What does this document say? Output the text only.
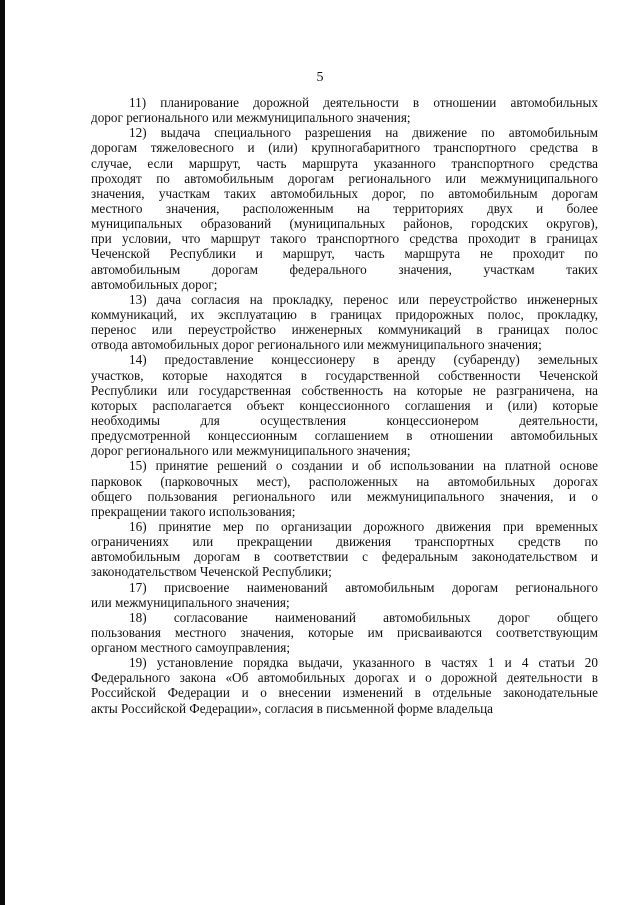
5
11) планирование дорожной деятельности в отношении автомобильных
дорог регионального или межмуниципального значения;
12) выдача специального разрешения на движение по автомобильным
дорогам тяжеловесного и (или) крупногабаритного транспортного средства в
случае, если маршрут, часть маршрута указанного транспортного средства
проходят по автомобильным дорогам регионального или межмуниципального
значения, участкам таких автомобильных дорог, по автомобильным дорогам
местного значения, расположенным на территориях двух и более
муниципальных образований (муниципальных районов, городских округов),
при условии, что маршрут такого транспортного средства проходит в границах
Чеченской Республики и маршрут, часть маршрута не проходит по
автомобильным дорогам федерального значения, участкам таких
автомобильных дорог;
13) дача согласия на прокладку, перенос или переустройство инженерных
коммуникаций, их эксплуатацию в границах придорожных полос, прокладку,
перенос или переустройство инженерных коммуникаций в границах полос
отвода автомобильных дорог регионального или межмуниципального значения;
14) предоставление концессионеру в аренду (субаренду) земельных
участков, которые находятся в государственной собственности Чеченской
Республики или государственная собственность на которые не разграничена, на
которых располагается объект концессионного соглашения и (или) которые
необходимы для осуществления концессионером деятельности,
предусмотренной концессионным соглашением в отношении автомобильных
дорог регионального или межмуниципального значения;
15) принятие решений о создании и об использовании на платной основе
парковок (парковочных мест), расположенных на автомобильных дорогах
общего пользования регионального или межмуниципального значения, и о
прекращении такого использования;
16) принятие мер по организации дорожного движения при временных
ограничениях или прекращении движения транспортных средств по
автомобильным дорогам в соответствии с федеральным законодательством и
законодательством Чеченской Республики;
17) присвоение наименований автомобильным дорогам регионального
или межмуниципального значения;
18) согласование наименований автомобильных дорог общего
пользования местного значения, которые им присваиваются соответствующим
органом местного самоуправления;
19) установление порядка выдачи, указанного в частях 1 и 4 статьи 20
Федерального закона «Об автомобильных дорогах и о дорожной деятельности в
Российской Федерации и о внесении изменений в отдельные законодательные
акты Российской Федерации», согласия в письменной форме владельца
